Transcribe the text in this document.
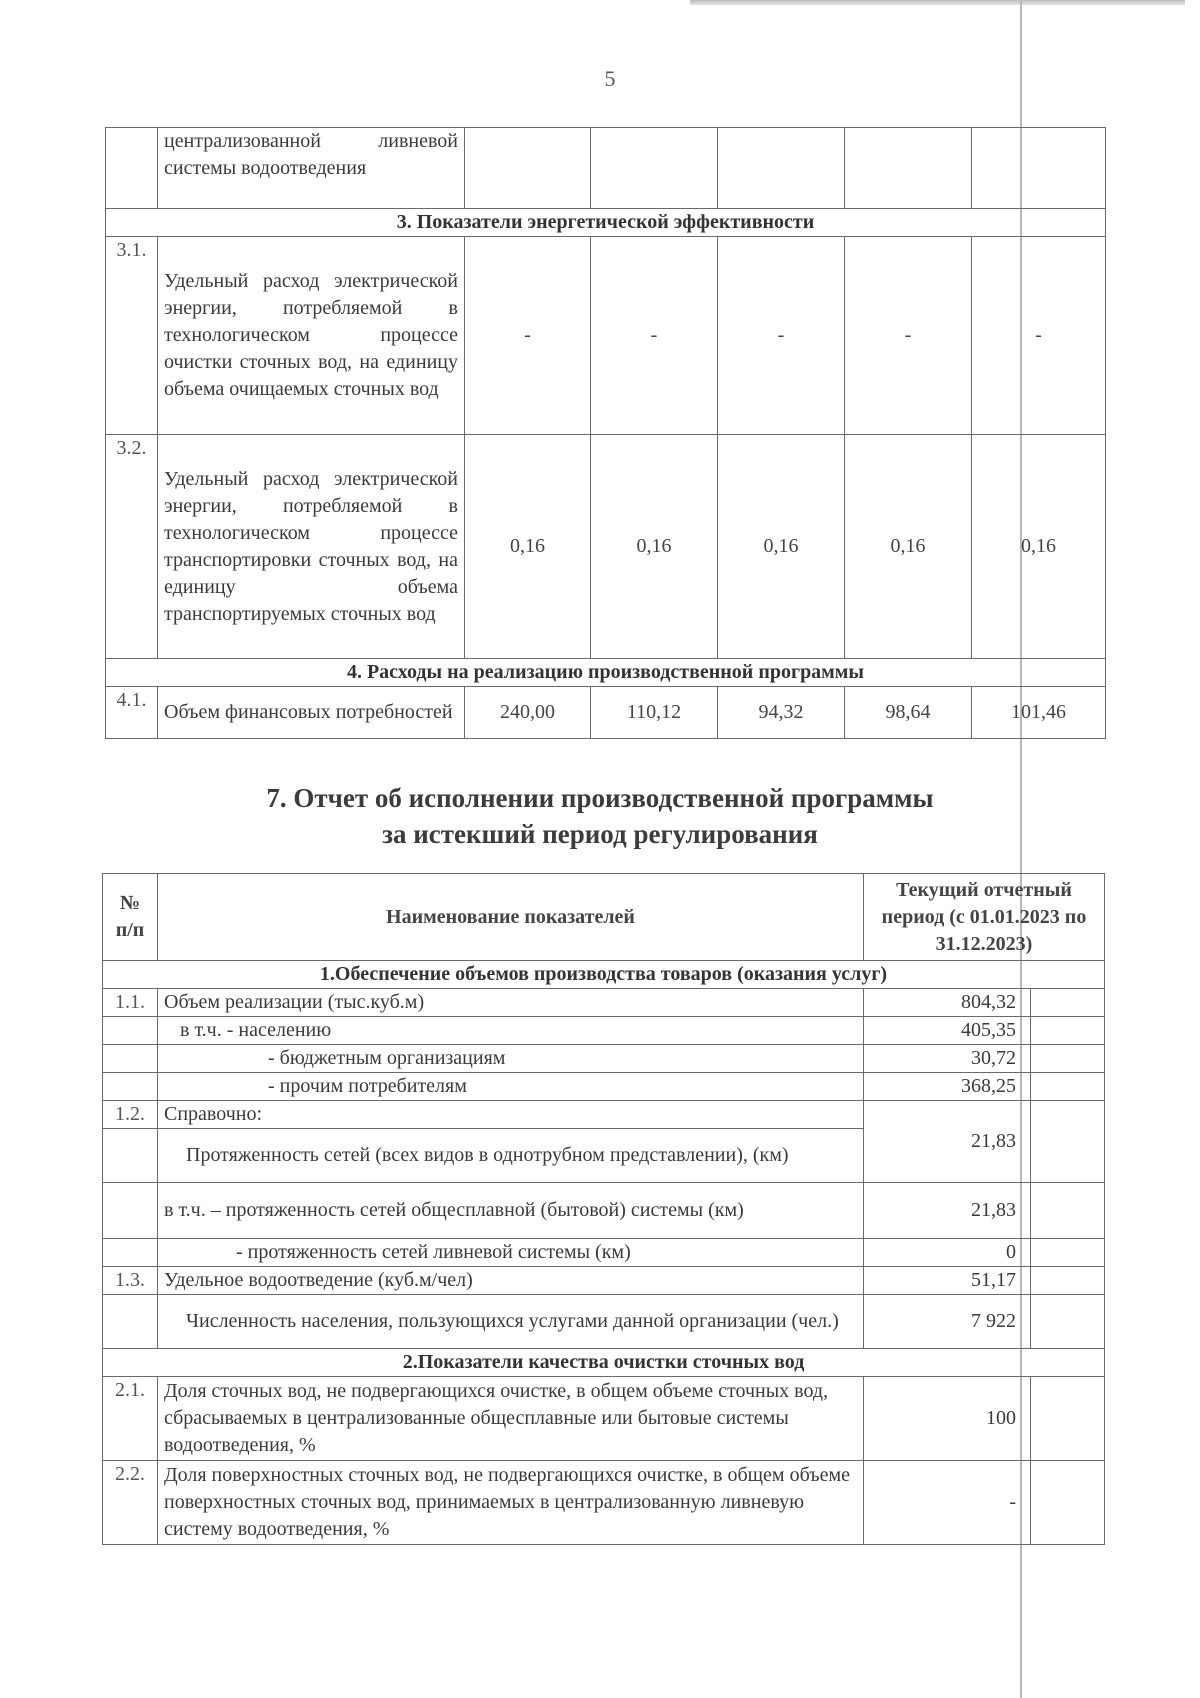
5
	централизованной ливневой системы водоотведения					
3. Показатели энергетической эффективности						
3.1.	Удельный расход электрической энергии, потребляемой в технологическом процессе очистки сточных вод, на единицу объема очищаемых сточных вод	-	-	-	-	-
3.2.	Удельный расход электрической энергии, потребляемой в технологическом процессе транспортировки сточных вод, на единицу объема транспортируемых сточных вод	0,16	0,16	0,16	0,16	0,16
4. Расходы на реализацию производственной программы						
4.1.	Объем финансовых потребностей	240,00	110,12	94,32	98,64	101,46
7. Отчет об исполнении производственной программы
за истекший период регулирования
№ п/п	Наименование показателей	Текущий отчетный период (с 01.01.2023 по 31.12.2023)	
1.Обеспечение объемов производства товаров (оказания услуг)			
1.1.	Объем реализации (тыс.куб.м)	804,32	
	в т.ч. - населению	405,35	
	- бюджетным организациям	30,72	
	- прочим потребителям	368,25	
1.2.	Справочно:	21,83	
	Протяженность сетей (всех видов в однотрубном представлении), (км)		
	в т.ч. – протяженность сетей общесплавной (бытовой) системы (км)	21,83	
	- протяженность сетей ливневой системы (км)	0	
1.3.	Удельное водоотведение (куб.м/чел)	51,17	
	Численность населения, пользующихся услугами данной организации (чел.)	7 922	
2.Показатели качества очистки сточных вод			
2.1.	Доля сточных вод, не подвергающихся очистке, в общем объеме сточных вод, сбрасываемых в централизованные общесплавные или бытовые системы водоотведения, %	100	
2.2.	Доля поверхностных сточных вод, не подвергающихся очистке, в общем объеме поверхностных сточных вод, принимаемых в централизованную ливневую систему водоотведения, %	-	
